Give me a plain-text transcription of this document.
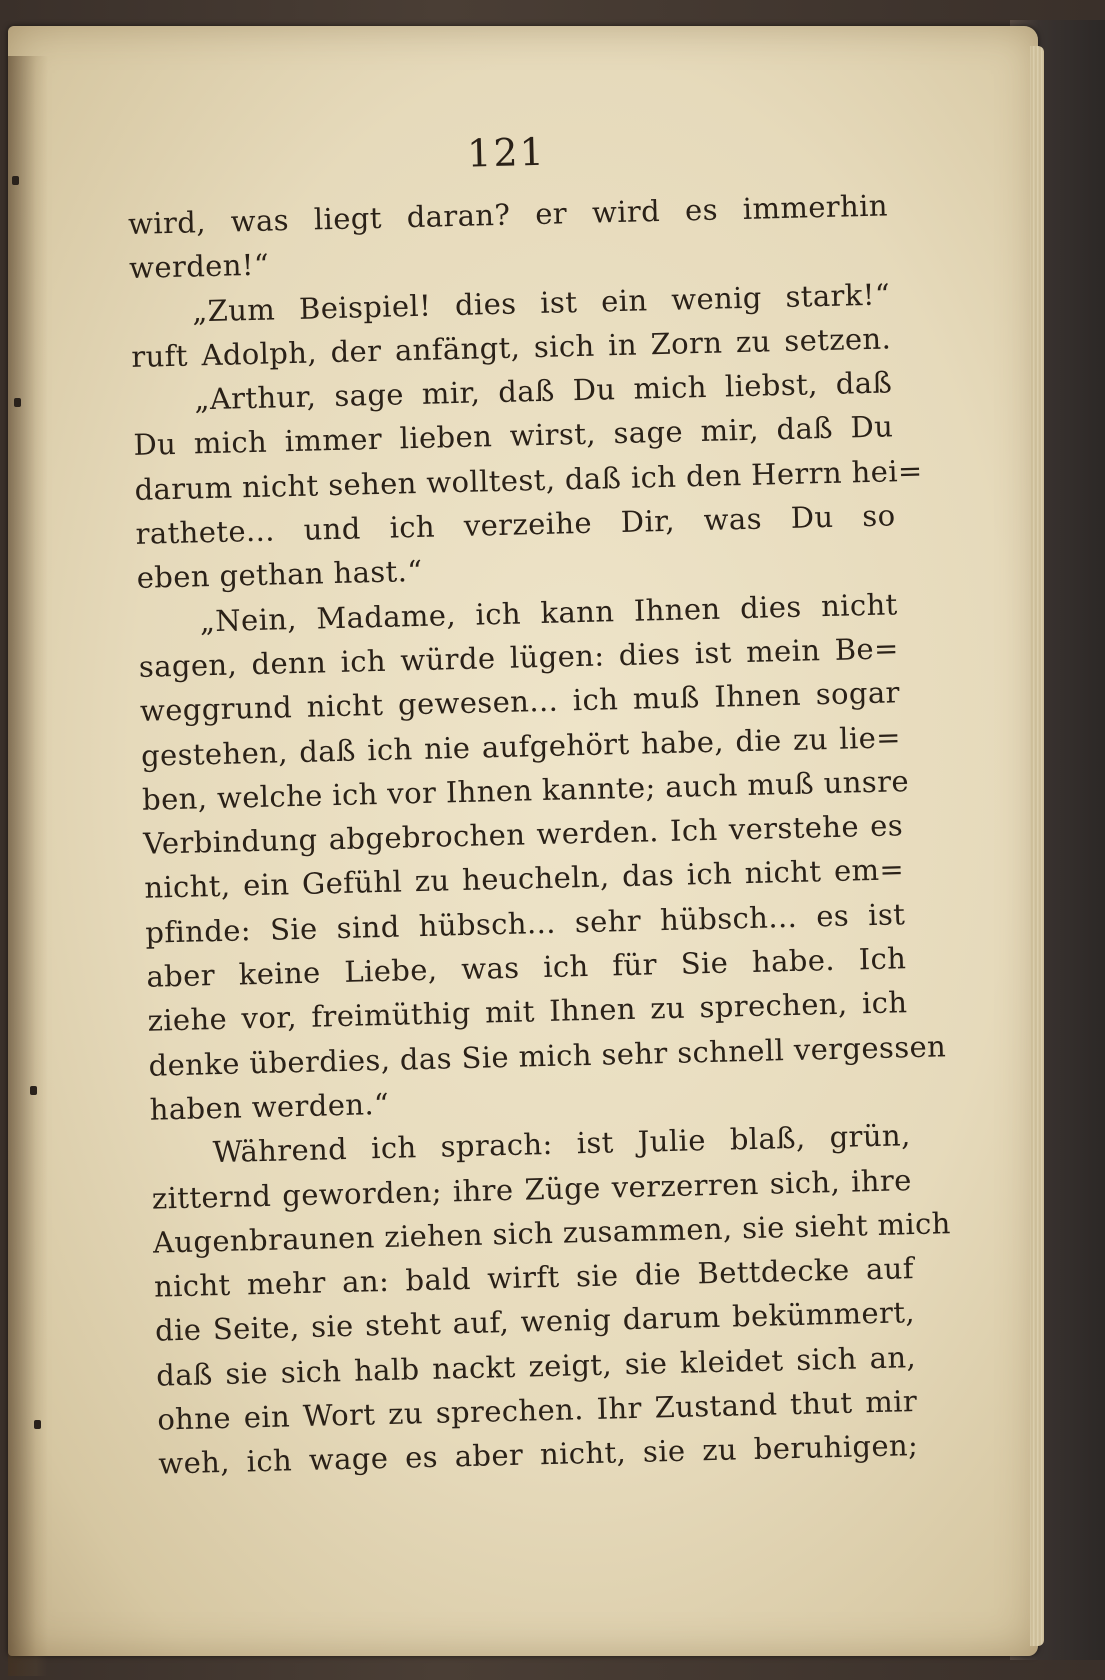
121
wird, was liegt daran? er wird es immerhin
werden!“
„Zum Beispiel! dies ist ein wenig stark!“
ruft Adolph, der anfängt, sich in Zorn zu setzen.
„Arthur, sage mir, daß Du mich liebst, daß
Du mich immer lieben wirst, sage mir, daß Du
darum nicht sehen wolltest, daß ich den Herrn hei=
rathete... und ich verzeihe Dir, was Du so
eben gethan hast.“
„Nein, Madame, ich kann Ihnen dies nicht
sagen, denn ich würde lügen: dies ist mein Be=
weggrund nicht gewesen... ich muß Ihnen sogar
gestehen, daß ich nie aufgehört habe, die zu lie=
ben, welche ich vor Ihnen kannte; auch muß unsre
Verbindung abgebrochen werden. Ich verstehe es
nicht, ein Gefühl zu heucheln, das ich nicht em=
pfinde: Sie sind hübsch... sehr hübsch... es ist
aber keine Liebe, was ich für Sie habe. Ich
ziehe vor, freimüthig mit Ihnen zu sprechen, ich
denke überdies, das Sie mich sehr schnell vergessen
haben werden.“
Während ich sprach: ist Julie blaß, grün,
zitternd geworden; ihre Züge verzerren sich, ihre
Augenbraunen ziehen sich zusammen, sie sieht mich
nicht mehr an: bald wirft sie die Bettdecke auf
die Seite, sie steht auf, wenig darum bekümmert,
daß sie sich halb nackt zeigt, sie kleidet sich an,
ohne ein Wort zu sprechen. Ihr Zustand thut mir
weh, ich wage es aber nicht, sie zu beruhigen;
